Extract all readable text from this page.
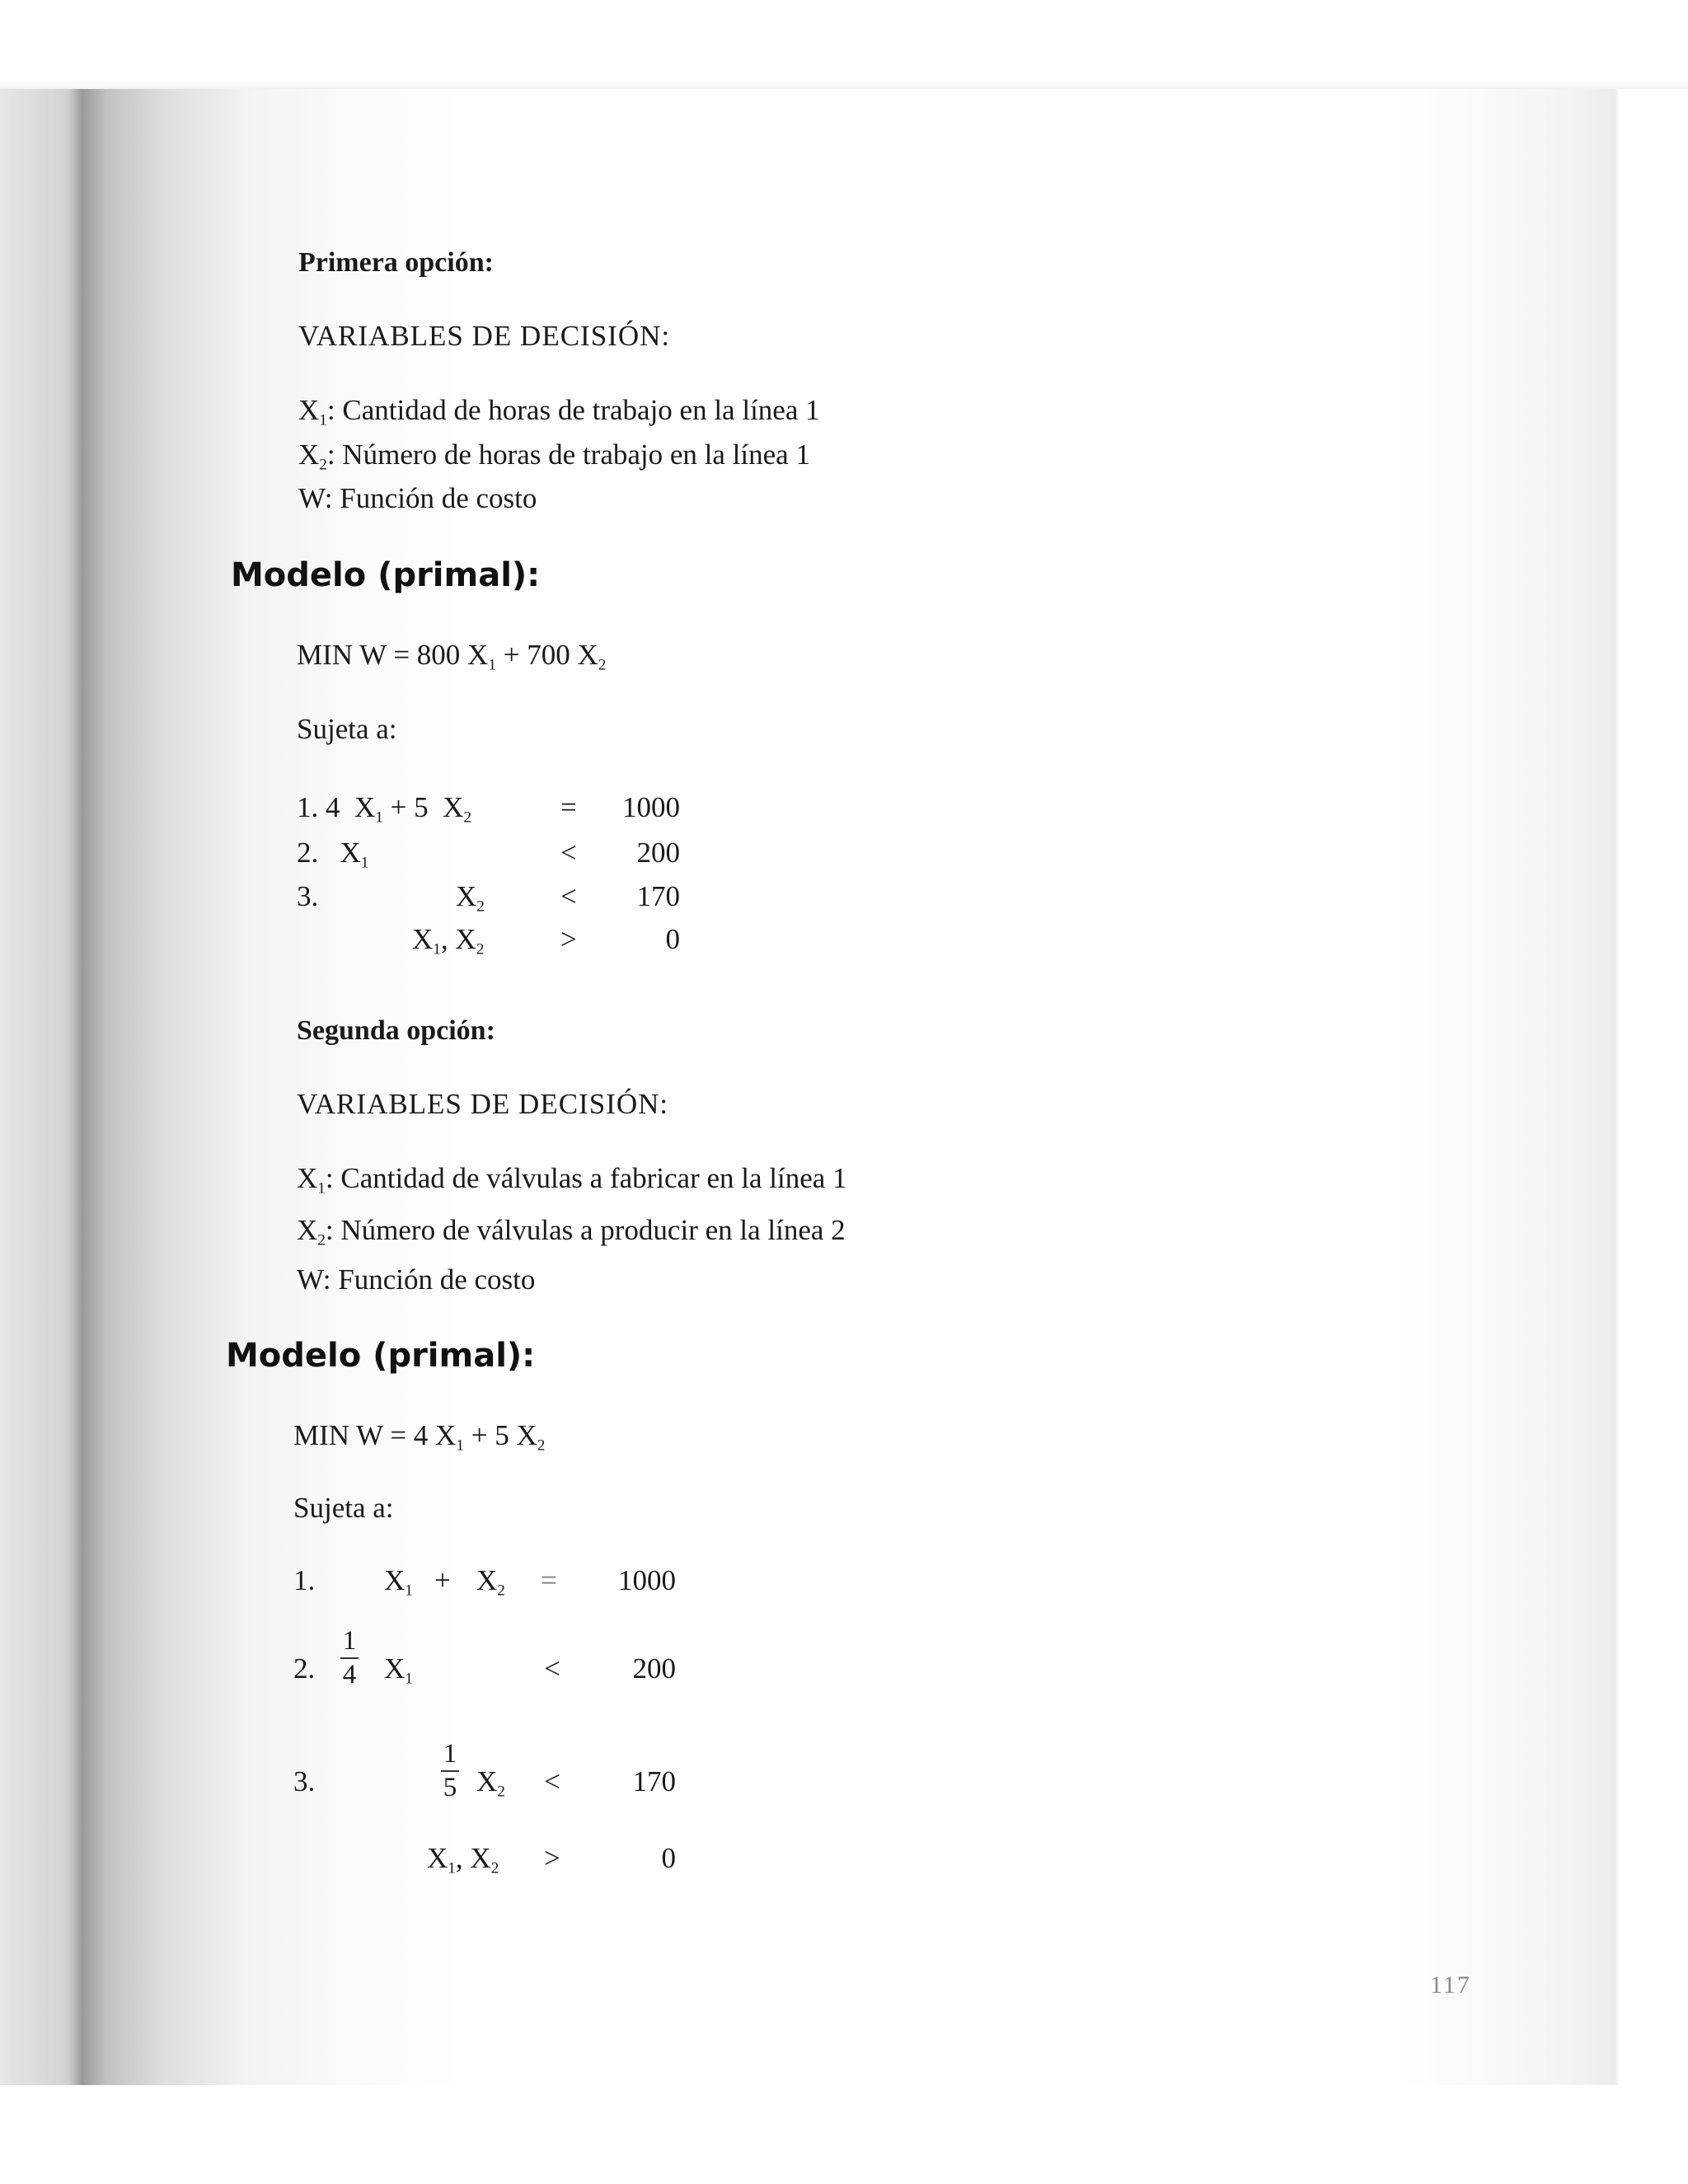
Primera opción:
VARIABLES DE DECISIÓN:
$X_1$: Cantidad de horas de trabajo en la línea 1
$X_2$: Número de horas de trabajo en la línea 1
W: Función de costo
Modelo (primal):
MIN W = 800 $X_1 + 700$ $X_2$
Sujeta a:
1. 4 $X_1 + 5$  $X_2$	=	1000
2. $X_1$	<	200
3.	$X_2$	<	170
$X_1$, $X_2$	>	0
Segunda opción:
VARIABLES DE DECISIÓN:
$X_1$: Cantidad de válvulas a fabricar en la línea 1
$X_2$: Número de válvulas a producir en la línea 2
W: Función de costo
Modelo (primal):
MIN W = 4 $X_1 + 5$ $X_2$
Sujeta a:
1. $X_1 + X_2$ =	1000
2. $\frac{1}{4} X_1$	<	200
3.	$\frac{1}{5} X_2$ <	170
$X_1$, $X_2$ >	0
117
